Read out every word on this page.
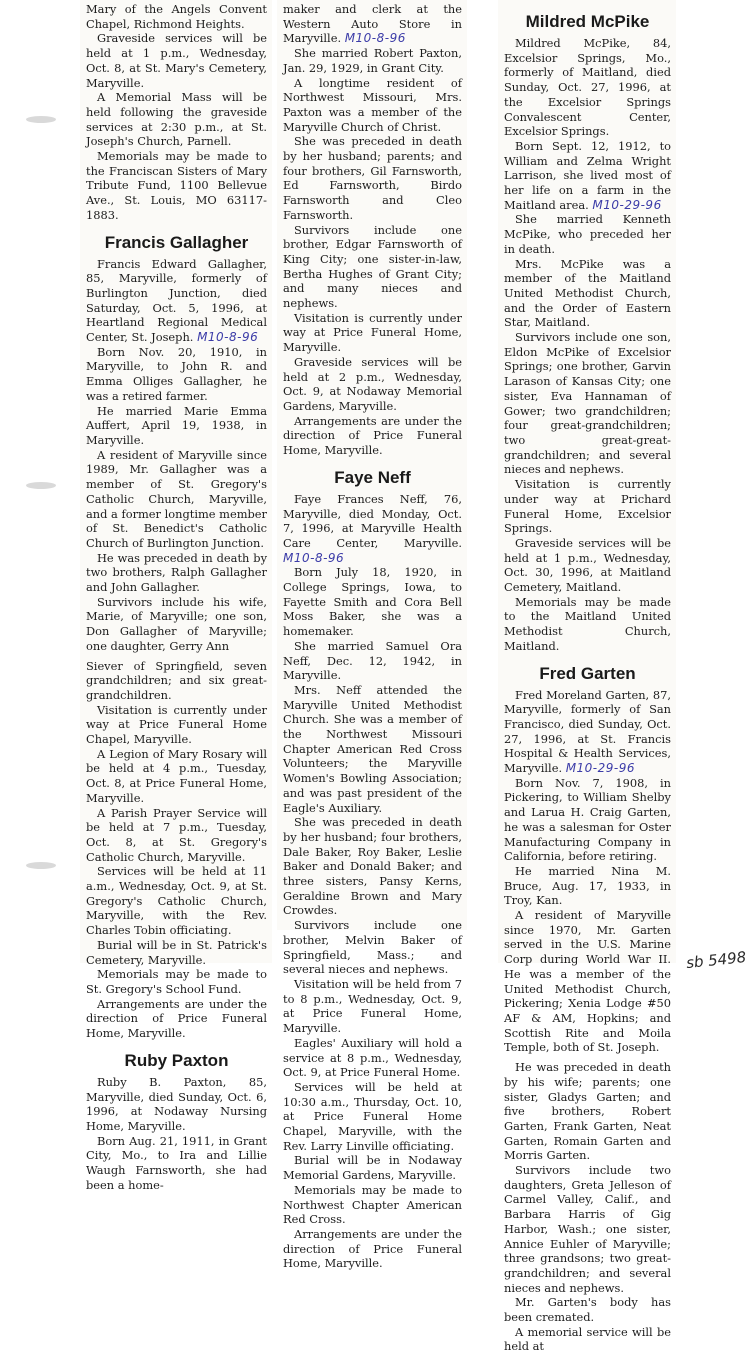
Mary of the Angels Convent Chapel, Richmond Heights.

Graveside services will be held at 1 p.m., Wednesday, Oct. 8, at St. Mary's Cemetery, Maryville.

A Memorial Mass will be held following the graveside services at 2:30 p.m., at St. Joseph's Church, Parnell.

Memorials may be made to the Franciscan Sisters of Mary Tribute Fund, 1100 Bellevue Ave., St. Louis, MO 63117-1883.

Francis Gallagher

Francis Edward Gallagher, 85, Maryville, formerly of Burlington Junction, died Saturday, Oct. 5, 1996, at Heartland Regional Medical Center, St. Joseph. M10-8-96

Born Nov. 20, 1910, in Maryville, to John R. and Emma Olliges Gallagher, he was a retired farmer.

He married Marie Emma Auffert, April 19, 1938, in Maryville.

A resident of Maryville since 1989, Mr. Gallagher was a member of St. Gregory's Catholic Church, Maryville, and a former longtime member of St. Benedict's Catholic Church of Burlington Junction.

He was preceded in death by two brothers, Ralph Gallagher and John Gallagher.

Survivors include his wife, Marie, of Maryville; one son, Don Gallagher of Maryville; one daughter, Gerry Ann

Siever of Springfield, seven grandchildren; and six great-grandchildren.

Visitation is currently under way at Price Funeral Home Chapel, Maryville.

A Legion of Mary Rosary will be held at 4 p.m., Tuesday, Oct. 8, at Price Funeral Home, Maryville.

A Parish Prayer Service will be held at 7 p.m., Tuesday, Oct. 8, at St. Gregory's Catholic Church, Maryville.

Services will be held at 11 a.m., Wednesday, Oct. 9, at St. Gregory's Catholic Church, Maryville, with the Rev. Charles Tobin officiating.

Burial will be in St. Patrick's Cemetery, Maryville.

Memorials may be made to St. Gregory's School Fund.

Arrangements are under the direction of Price Funeral Home, Maryville.

Ruby Paxton

Ruby B. Paxton, 85, Maryville, died Sunday, Oct. 6, 1996, at Nodaway Nursing Home, Maryville.

Born Aug. 21, 1911, in Grant City, Mo., to Ira and Lillie Waugh Farnsworth, she had been a home-

maker and clerk at the Western Auto Store in Maryville. M10-8-96

She married Robert Paxton, Jan. 29, 1929, in Grant City.

A longtime resident of Northwest Missouri, Mrs. Paxton was a member of the Maryville Church of Christ.

She was preceded in death by her husband; parents; and four brothers, Gil Farnsworth, Ed Farnsworth, Birdo Farnsworth and Cleo Farnsworth.

Survivors include one brother, Edgar Farnsworth of King City; one sister-in-law, Bertha Hughes of Grant City; and many nieces and nephews.

Visitation is currently under way at Price Funeral Home, Maryville.

Graveside services will be held at 2 p.m., Wednesday, Oct. 9, at Nodaway Memorial Gardens, Maryville.

Arrangements are under the direction of Price Funeral Home, Maryville.

Faye Neff

Faye Frances Neff, 76, Maryville, died Monday, Oct. 7, 1996, at Maryville Health Care Center, Maryville. M10-8-96

Born July 18, 1920, in College Springs, Iowa, to Fayette Smith and Cora Bell Moss Baker, she was a homemaker.

She married Samuel Ora Neff, Dec. 12, 1942, in Maryville.

Mrs. Neff attended the Maryville United Methodist Church. She was a member of the Northwest Missouri Chapter American Red Cross Volunteers; the Maryville Women's Bowling Association; and was past president of the Eagle's Auxiliary.

She was preceded in death by her husband; four brothers, Dale Baker, Roy Baker, Leslie Baker and Donald Baker; and three sisters, Pansy Kerns, Geraldine Brown and Mary Crowdes.

Survivors include one brother, Melvin Baker of Springfield, Mass.; and several nieces and nephews.

Visitation will be held from 7 to 8 p.m., Wednesday, Oct. 9, at Price Funeral Home, Maryville.

Eagles' Auxiliary will hold a service at 8 p.m., Wednesday, Oct. 9, at Price Funeral Home.

Services will be held at 10:30 a.m., Thursday, Oct. 10, at Price Funeral Home Chapel, Maryville, with the Rev. Larry Linville officiating.

Burial will be in Nodaway Memorial Gardens, Maryville.

Memorials may be made to Northwest Chapter American Red Cross.

Arrangements are under the direction of Price Funeral Home, Maryville.

Mildred McPike

Mildred McPike, 84, Excelsior Springs, Mo., formerly of Maitland, died Sunday, Oct. 27, 1996, at the Excelsior Springs Convalescent Center, Excelsior Springs.

Born Sept. 12, 1912, to William and Zelma Wright Larrison, she lived most of her life on a farm in the Maitland area. M10-29-96

She married Kenneth McPike, who preceded her in death.

Mrs. McPike was a member of the Maitland United Methodist Church, and the Order of Eastern Star, Maitland.

Survivors include one son, Eldon McPike of Excelsior Springs; one brother, Garvin Larason of Kansas City; one sister, Eva Hannaman of Gower; two grandchildren; four great-grandchildren; two great-great-grandchildren; and several nieces and nephews.

Visitation is currently under way at Prichard Funeral Home, Excelsior Springs.

Graveside services will be held at 1 p.m., Wednesday, Oct. 30, 1996, at Maitland Cemetery, Maitland.

Memorials may be made to the Maitland United Methodist Church, Maitland.

Fred Garten

Fred Moreland Garten, 87, Maryville, formerly of San Francisco, died Sunday, Oct. 27, 1996, at St. Francis Hospital & Health Services, Maryville. M10-29-96

Born Nov. 7, 1908, in Pickering, to William Shelby and Larua H. Craig Garten, he was a salesman for Oster Manufacturing Company in California, before retiring.

He married Nina M. Bruce, Aug. 17, 1933, in Troy, Kan.

A resident of Maryville since 1970, Mr. Garten served in the U.S. Marine Corp during World War II. He was a member of the United Methodist Church, Pickering; Xenia Lodge #50 AF & AM, Hopkins; and Scottish Rite and Moila Temple, both of St. Joseph.

He was preceded in death by his wife; parents; one sister, Gladys Garten; and five brothers, Robert Garten, Frank Garten, Neat Garten, Romain Garten and Morris Garten.

Survivors include two daughters, Greta Jelleson of Carmel Valley, Calif., and Barbara Harris of Gig Harbor, Wash.; one sister, Annice Euhler of Maryville; three grandsons; two great-grandchildren; and several nieces and nephews.

Mr. Garten's body has been cremated.

A memorial service will be held at

sb 5498
